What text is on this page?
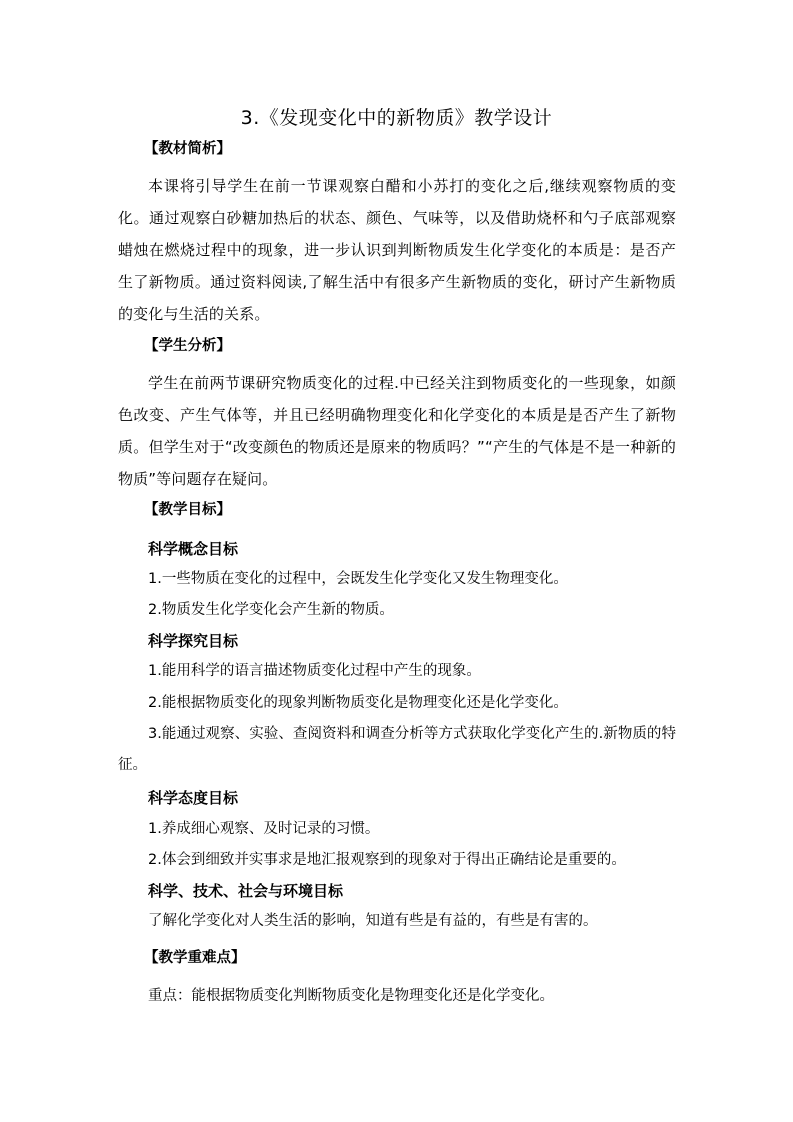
3.《发现变化中的新物质》教学设计
【教材简析】
本课将引导学生在前一节课观察白醋和小苏打的变化之后,继续观察物质的变化。通过观察白砂糖加热后的状态、颜色、气味等，以及借助烧杯和勺子底部观察蜡烛在燃烧过程中的现象，进一步认识到判断物质发生化学变化的本质是：是否产生了新物质。通过资料阅读,了解生活中有很多产生新物质的变化，研讨产生新物质的变化与生活的关系。
【学生分析】
学生在前两节课研究物质变化的过程.中已经关注到物质变化的一些现象，如颜色改变、产生气体等，并且已经明确物理变化和化学变化的本质是是否产生了新物质。但学生对于“改变颜色的物质还是原来的物质吗？”“产生的气体是不是一种新的物质”等问题存在疑问。
【教学目标】
科学概念目标
1.一些物质在变化的过程中，会既发生化学变化又发生物理变化。
2.物质发生化学变化会产生新的物质。
科学探究目标
1.能用科学的语言描述物质变化过程中产生的现象。
2.能根据物质变化的现象判断物质变化是物理变化还是化学变化。
3.能通过观察、实验、查阅资料和调查分析等方式获取化学变化产生的.新物质的特征。
科学态度目标
1.养成细心观察、及时记录的习惯。
2.体会到细致并实事求是地汇报观察到的现象对于得出正确结论是重要的。
科学、技术、社会与环境目标
了解化学变化对人类生活的影响，知道有些是有益的，有些是有害的。
【教学重难点】
重点：能根据物质变化判断物质变化是物理变化还是化学变化。
